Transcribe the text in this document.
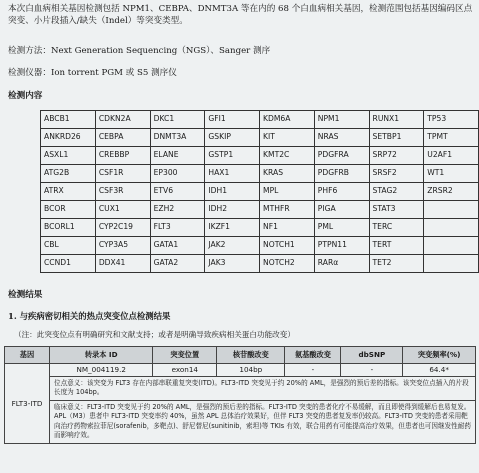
本次白血病相关基因检测包括 NPM1、CEBPA、DNMT3A 等在内的 68 个白血病相关基因，检测范围包括基因编码区点突变、小片段插入/缺失（Indel）等突变类型。

检测方法：Next Generation Sequencing（NGS）、Sanger 测序
检测仪器：Ion torrent PGM 或 S5 测序仪
检测内容
ABCB1	CDKN2A	DKC1	GFI1	KDM6A	NPM1	RUNX1	TP53
ANKRD26	CEBPA	DNMT3A	GSKIP	KIT	NRAS	SETBP1	TPMT
ASXL1	CREBBP	ELANE	GSTP1	KMT2C	PDGFRA	SRP72	U2AF1
ATG2B	CSF1R	EP300	HAX1	KRAS	PDGFRB	SRSF2	WT1
ATRX	CSF3R	ETV6	IDH1	MPL	PHF6	STAG2	ZRSR2
BCOR	CUX1	EZH2	IDH2	MTHFR	PIGA	STAT3	
BCORL1	CYP2C19	FLT3	IKZF1	NF1	PML	TERC	
CBL	CYP3A5	GATA1	JAK2	NOTCH1	PTPN11	TERT	
CCND1	DDX41	GATA2	JAK3	NOTCH2	RARα	TET2	
检测结果
1. 与疾病密切相关的热点突变位点检测结果
（注：此突变位点有明确研究和文献支持；或者是明确导致疾病相关蛋白功能改变）
基因	转录本 ID	突变位置	核苷酸改变	氨基酸改变	dbSNP	突变频率(%)
FLT3-ITD	NM_004119.2	exon14	104bp	-	-	64.4*
	位点意义：该突变为 FLT3 存在内部串联重复突变(ITD)。FLT3-ITD 突变见于约 20%的 AML，是强烈的预后差的指标。该突变位点插入的片段长度为 104bp。					
	临床意义：FLT3-ITD 突变见于约 20%的 AML，是强烈的预后差的指标。FLT3-ITD 突变的患者化疗不易缓解，而且即使得到缓解后也易复发。APL（M3）患者中 FLT3-ITD 突变率约 40%，虽然 APL 总体治疗效果好，但伴 FLT3 突变的患者复发率仍较高。FLT3-ITD 突变的患者采用靶向治疗药物索拉菲尼(sorafenib，多靶点)、舒尼替尼(sunitinib，索坦)等 TKIs 有效，联合用药有可能提高治疗效果，但患者也可因继发性耐药而影响疗效。					
